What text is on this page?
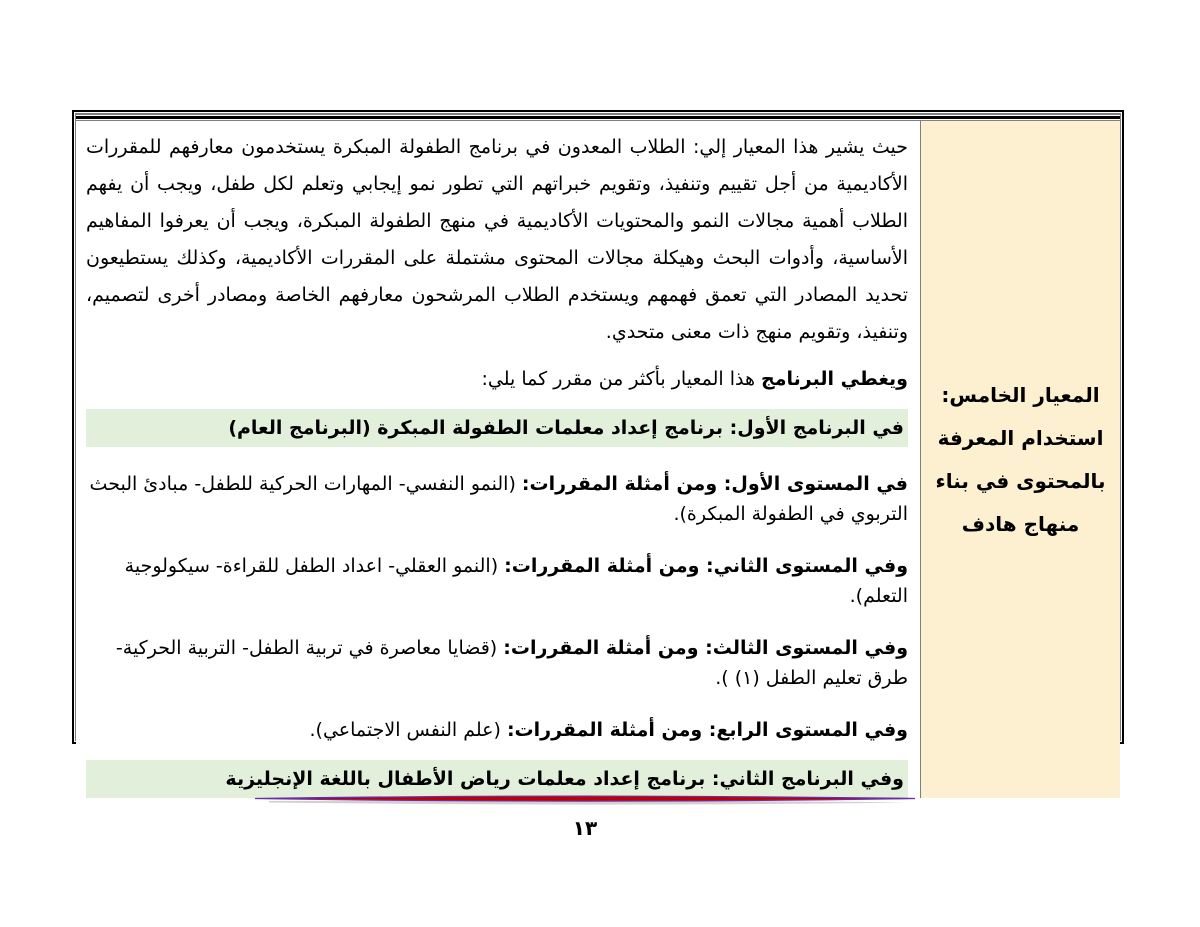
المعيار الخامس:
استخدام المعرفة
بالمحتوى في بناء
منهاج هادف

حيث يشير هذا المعيار إلي: الطلاب المعدون في برنامج الطفولة المبكرة يستخدمون معارفهم للمقررات الأكاديمية من أجل تقييم وتنفيذ، وتقويم خبراتهم التي تطور نمو إيجابي وتعلم لكل طفل، ويجب أن يفهم الطلاب أهمية مجالات النمو والمحتويات الأكاديمية في منهج الطفولة المبكرة، ويجب أن يعرفوا المفاهيم الأساسية، وأدوات البحث وهيكلة مجالات المحتوى مشتملة على المقررات الأكاديمية، وكذلك يستطيعون تحديد المصادر التي تعمق فهمهم ويستخدم الطلاب المرشحون معارفهم الخاصة ومصادر أخرى لتصميم، وتنفيذ، وتقويم منهج ذات معنى متحدي.

ويغطي البرنامج هذا المعيار بأكثر من مقرر كما يلي:

في البرنامج الأول: برنامج إعداد معلمات الطفولة المبكرة (البرنامج العام)

في المستوى الأول: ومن أمثلة المقررات: (النمو النفسي- المهارات الحركية للطفل- مبادئ البحث التربوي في الطفولة المبكرة).

وفي المستوى الثاني: ومن أمثلة المقررات: (النمو العقلي- اعداد الطفل للقراءة- سيكولوجية التعلم).

وفي المستوى الثالث: ومن أمثلة المقررات: (قضايا معاصرة في تربية الطفل- التربية الحركية- طرق تعليم الطفل (١) ).

وفي المستوى الرابع: ومن أمثلة المقررات: (علم النفس الاجتماعي).

وفي البرنامج الثاني: برنامج إعداد معلمات رياض الأطفال باللغة الإنجليزية
١٣
